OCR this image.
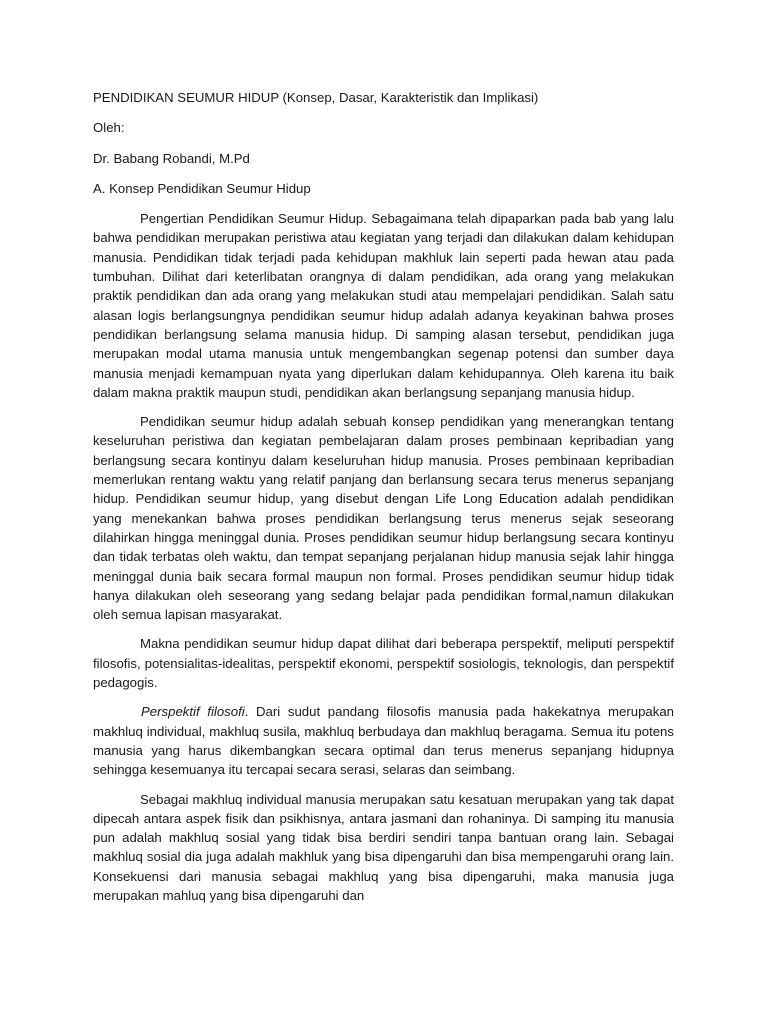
PENDIDIKAN SEUMUR HIDUP (Konsep, Dasar, Karakteristik dan Implikasi)
Oleh:
Dr. Babang Robandi, M.Pd
A. Konsep Pendidikan Seumur Hidup

Pengertian Pendidikan Seumur Hidup. Sebagaimana telah dipaparkan pada bab yang lalu bahwa pendidikan merupakan peristiwa atau kegiatan yang terjadi dan dilakukan dalam kehidupan manusia. Pendidikan tidak terjadi pada kehidupan makhluk lain seperti pada hewan atau pada tumbuhan. Dilihat dari keterlibatan orangnya di dalam pendidikan, ada orang yang melakukan praktik pendidikan dan ada orang yang melakukan studi atau mempelajari pendidikan. Salah satu alasan logis berlangsungnya pendidikan seumur hidup adalah adanya keyakinan bahwa proses pendidikan berlangsung selama manusia hidup. Di samping alasan tersebut, pendidikan juga merupakan modal utama manusia untuk mengembangkan segenap potensi dan sumber daya manusia menjadi kemampuan nyata yang diperlukan dalam kehidupannya. Oleh karena itu baik dalam makna praktik maupun studi, pendidikan akan berlangsung sepanjang manusia hidup.

Pendidikan seumur hidup adalah sebuah konsep pendidikan yang menerangkan tentang keseluruhan peristiwa dan kegiatan pembelajaran dalam proses pembinaan kepribadian yang berlangsung secara kontinyu dalam keseluruhan hidup manusia. Proses pembinaan kepribadian memerlukan rentang waktu yang relatif panjang dan berlansung secara terus menerus sepanjang hidup. Pendidikan seumur hidup, yang disebut dengan Life Long Education adalah pendidikan yang menekankan bahwa proses pendidikan berlangsung terus menerus sejak seseorang dilahirkan hingga meninggal dunia. Proses pendidikan seumur hidup berlangsung secara kontinyu dan tidak terbatas oleh waktu, dan tempat sepanjang perjalanan hidup manusia sejak lahir hingga meninggal dunia baik secara formal maupun non formal. Proses pendidikan seumur hidup tidak hanya dilakukan oleh seseorang yang sedang belajar pada pendidikan formal,namun dilakukan oleh semua lapisan masyarakat.

Makna pendidikan seumur hidup dapat dilihat dari beberapa perspektif, meliputi perspektif filosofis, potensialitas-idealitas, perspektif ekonomi, perspektif sosiologis, teknologis, dan perspektif pedagogis.

Perspektif filosofi. Dari sudut pandang filosofis manusia pada hakekatnya merupakan makhluq individual, makhluq susila, makhluq berbudaya dan makhluq beragama. Semua itu potens manusia yang harus dikembangkan secara optimal dan terus menerus sepanjang hidupnya sehingga kesemuanya itu tercapai secara serasi, selaras dan seimbang.

Sebagai makhluq individual manusia merupakan satu kesatuan merupakan yang tak dapat dipecah antara aspek fisik dan psikhisnya, antara jasmani dan rohaninya. Di samping itu manusia pun adalah makhluq sosial yang tidak bisa berdiri sendiri tanpa bantuan orang lain. Sebagai makhluq sosial dia juga adalah makhluk yang bisa dipengaruhi dan bisa mempengaruhi orang lain. Konsekuensi dari manusia sebagai makhluq yang bisa dipengaruhi, maka manusia juga merupakan mahluq yang bisa dipengaruhi dan
